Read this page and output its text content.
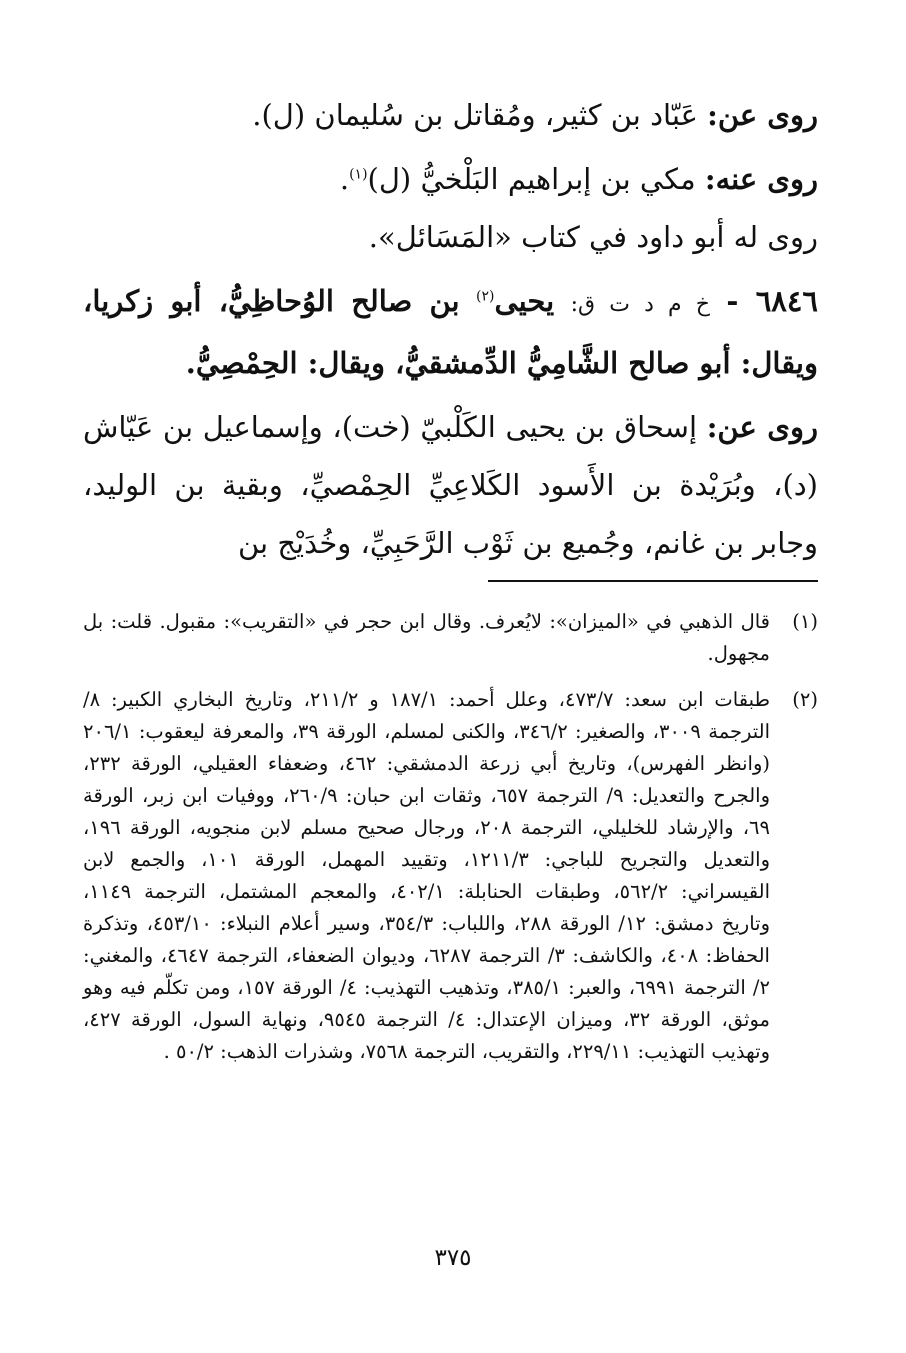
روى عن: عَبّاد بن كثير، ومُقاتل بن سُليمان (ل).

روى عنه: مكي بن إبراهيم البَلْخيُّ (ل)$^{(١)}$.

روى له أبو داود في كتاب «المَسَائل».

٦٨٤٦ - خ م د ت ق: يحيى$^{(٢)}$ بن صالح الوُحاظِيُّ، أبو زكريا، ويقال: أبو صالح الشَّامِيُّ الدِّمشقيُّ، ويقال: الحِمْصِيُّ.

روى عن: إسحاق بن يحيى الكَلْبيّ (خت)، وإسماعيل بن عَيّاش (د)، وبُرَيْدة بن الأَسود الكَلاعِيِّ الحِمْصيِّ، وبقية بن الوليد، وجابر بن غانم، وجُميع بن ثَوْب الرَّحَبِيِّ، وخُدَيْج بن

(١)
قال الذهبي في «الميزان»: لايُعرف. وقال ابن حجر في «التقريب»: مقبول. قلت: بل مجهول.

(٢)
طبقات ابن سعد: ٤٧٣/٧، وعلل أحمد: ١٨٧/١ و ٢١١/٢، وتاريخ البخاري الكبير: ٨/ الترجمة ٣٠٠٩، والصغير: ٣٤٦/٢، والكنى لمسلم، الورقة ٣٩، والمعرفة ليعقوب: ٢٠٦/١ (وانظر الفهرس)، وتاريخ أبي زرعة الدمشقي: ٤٦٢، وضعفاء العقيلي، الورقة ٢٣٢، والجرح والتعديل: ٩/ الترجمة ٦٥٧، وثقات ابن حبان: ٢٦٠/٩، ووفيات ابن زبر، الورقة ٦٩، والإرشاد للخليلي، الترجمة ٢٠٨، ورجال صحيح مسلم لابن منجويه، الورقة ١٩٦، والتعديل والتجريح للباجي: ١٢١١/٣، وتقييد المهمل، الورقة ١٠١، والجمع لابن القيسراني: ٥٦٢/٢، وطبقات الحنابلة: ٤٠٢/١، والمعجم المشتمل، الترجمة ١١٤٩، وتاريخ دمشق: ١٢/ الورقة ٢٨٨، واللباب: ٣٥٤/٣، وسير أعلام النبلاء: ٤٥٣/١٠، وتذكرة الحفاظ: ٤٠٨، والكاشف: ٣/ الترجمة ٦٢٨٧، وديوان الضعفاء، الترجمة ٤٦٤٧، والمغني: ٢/ الترجمة ٦٩٩١، والعبر: ٣٨٥/١، وتذهيب التهذيب: ٤/ الورقة ١٥٧، ومن تكلّم فيه وهو موثق، الورقة ٣٢، وميزان الإعتدال: ٤/ الترجمة ٩٥٤٥، ونهاية السول، الورقة ٤٢٧، وتهذيب التهذيب: ٢٢٩/١١، والتقريب، الترجمة ٧٥٦٨، وشذرات الذهب: ٥٠/٢ .

٣٧٥
